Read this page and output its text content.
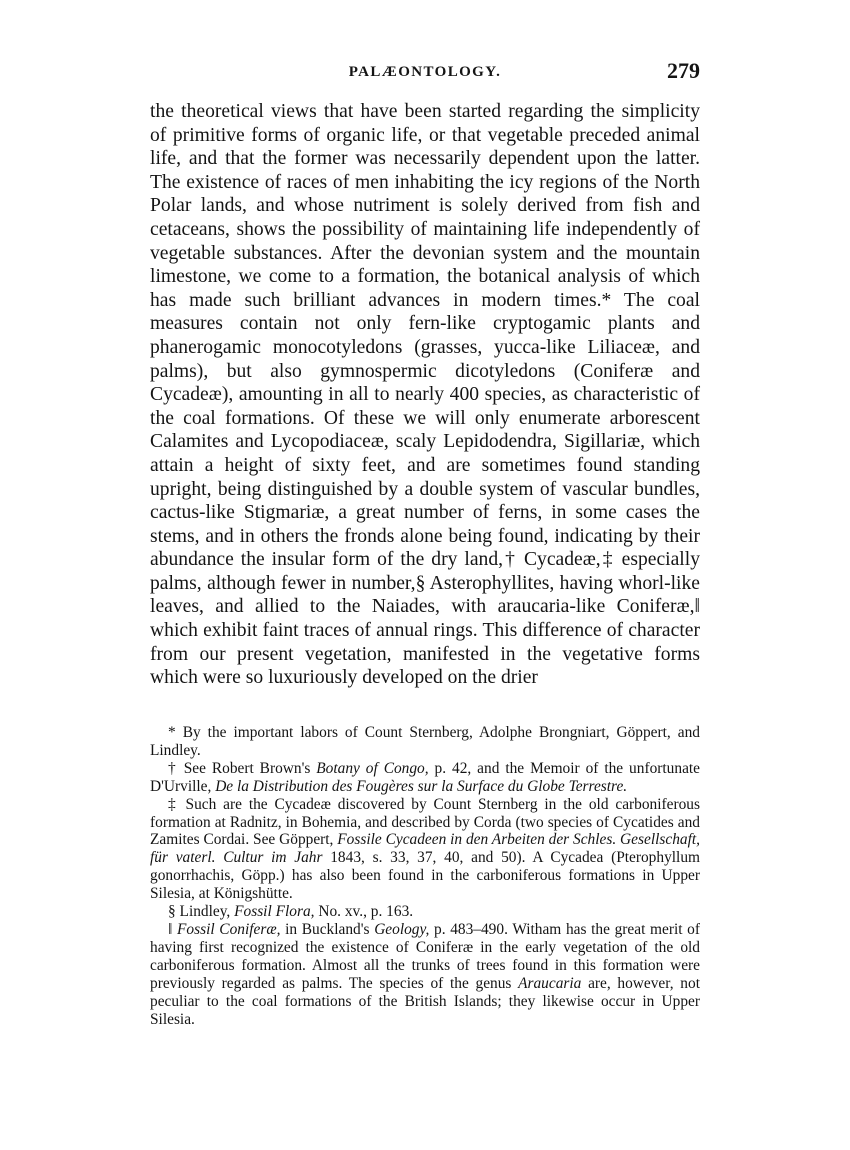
PALÆONTOLOGY.	279

the theoretical views that have been started regarding the simplicity of primitive forms of organic life, or that vegetable preceded animal life, and that the former was necessarily dependent upon the latter. The existence of races of men inhabiting the icy regions of the North Polar lands, and whose nutriment is solely derived from fish and cetaceans, shows the possibility of maintaining life independently of vegetable substances. After the devonian system and the mountain limestone, we come to a formation, the botanical analysis of which has made such brilliant advances in modern times.* The coal measures contain not only fern-like cryptogamic plants and phanerogamic monocotyledons (grasses, yucca-like Liliaceæ, and palms), but also gymnospermic dicotyledons (Coniferæ and Cycadeæ), amounting in all to nearly 400 species, as characteristic of the coal formations. Of these we will only enumerate arborescent Calamites and Lycopodiaceæ, scaly Lepidodendra, Sigillariæ, which attain a height of sixty feet, and are sometimes found standing upright, being distinguished by a double system of vascular bundles, cactus-like Stigmariæ, a great number of ferns, in some cases the stems, and in others the fronds alone being found, indicating by their abundance the insular form of the dry land,† Cycadeæ,‡ especially palms, although fewer in number,§ Asterophyllites, having whorl-like leaves, and allied to the Naiades, with araucaria-like Coniferæ,‖ which exhibit faint traces of annual rings. This difference of character from our present vegetation, manifested in the vegetative forms which were so luxuriously developed on the drier

* By the important labors of Count Sternberg, Adolphe Brongniart, Göppert, and Lindley.

† See Robert Brown's Botany of Congo, p. 42, and the Memoir of the unfortunate D'Urville, De la Distribution des Fougères sur la Surface du Globe Terrestre.

‡ Such are the Cycadeæ discovered by Count Sternberg in the old carboniferous formation at Radnitz, in Bohemia, and described by Corda (two species of Cycatides and Zamites Cordai. See Göppert, Fossile Cycadeen in den Arbeiten der Schles. Gesellschaft, für vaterl. Cultur im Jahr 1843, s. 33, 37, 40, and 50). A Cycadea (Pterophyllum gonorrhachis, Göpp.) has also been found in the carboniferous formations in Upper Silesia, at Königshütte.

§ Lindley, Fossil Flora, No. xv., p. 163.

‖ Fossil Coniferæ, in Buckland's Geology, p. 483–490. Witham has the great merit of having first recognized the existence of Coniferæ in the early vegetation of the old carboniferous formation. Almost all the trunks of trees found in this formation were previously regarded as palms. The species of the genus Araucaria are, however, not peculiar to the coal formations of the British Islands; they likewise occur in Upper Silesia.
